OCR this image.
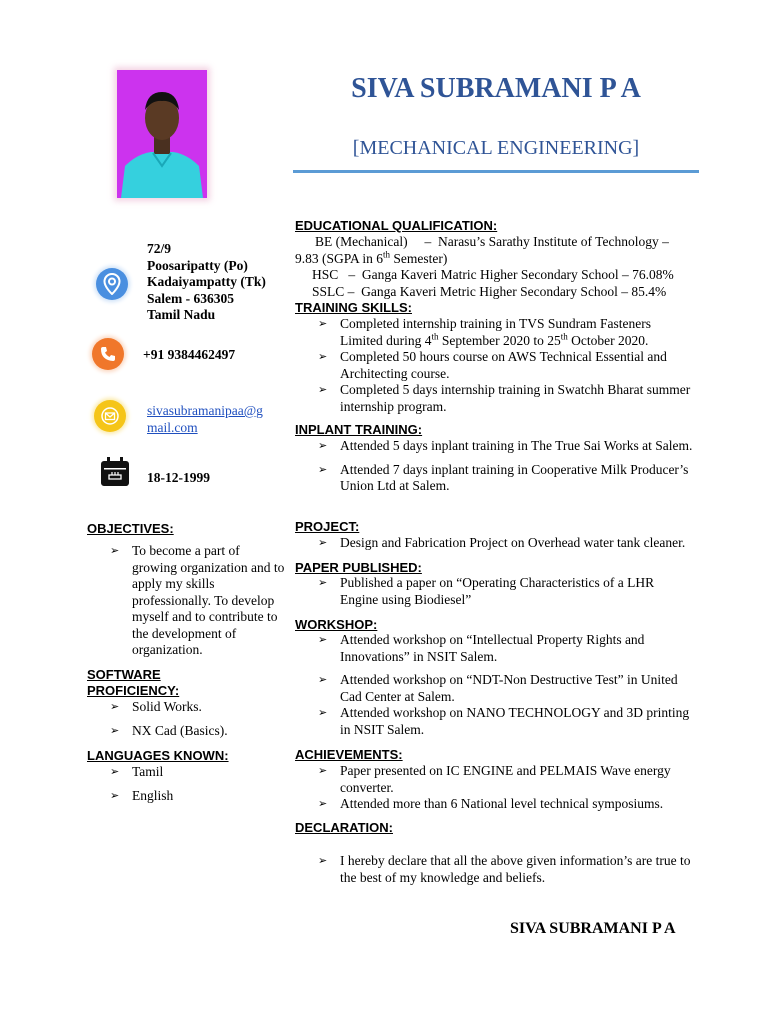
SIVA SUBRAMANI P A
[MECHANICAL ENGINEERING]
72/9
Poosaripatty (Po)
Kadaiyampatty (Tk)
Salem - 636305
Tamil Nadu
+91 9384462497
sivasubramanipaa@g
mail.com
18-12-1999
OBJECTIVES:
➢ To become a part of growing organization and to apply my skills professionally. To develop myself and to contribute to the development of organization.
SOFTWARE
PROFICIENCY:
➢ Solid Works.
➢ NX Cad (Basics).
LANGUAGES KNOWN:
➢ Tamil
➢ English
EDUCATIONAL QUALIFICATION:
BE (Mechanical)     –  Narasu’s Sarathy Institute of Technology –
9.83 (SGPA in 6th Semester)
HSC   –  Ganga Kaveri Matric Higher Secondary School – 76.08%
SSLC –  Ganga Kaveri Metric Higher Secondary School – 85.4%
TRAINING SKILLS:
➢ Completed internship training in TVS Sundram Fasteners Limited during 4th September 2020 to 25th October 2020.
➢ Completed 50 hours course on AWS Technical Essential and Architecting course.
➢ Completed 5 days internship training in Swatchh Bharat summer internship program.
INPLANT TRAINING:
➢ Attended 5 days inplant training in The True Sai Works at Salem.
➢ Attended 7 days inplant training in Cooperative Milk Producer’s Union Ltd at Salem.
PROJECT:
➢ Design and Fabrication Project on Overhead water tank cleaner.
PAPER PUBLISHED:
➢ Published a paper on “Operating Characteristics of a LHR Engine using Biodiesel”
WORKSHOP:
➢ Attended workshop on “Intellectual Property Rights and Innovations” in NSIT Salem.
➢ Attended workshop on “NDT-Non Destructive Test” in United Cad Center at Salem.
➢ Attended workshop on NANO TECHNOLOGY and 3D printing in NSIT Salem.
ACHIEVEMENTS:
➢ Paper presented on IC ENGINE and PELMAIS Wave energy converter.
➢ Attended more than 6 National level technical symposiums.
DECLARATION:
➢ I hereby declare that all the above given information’s are true to the best of my knowledge and beliefs.
SIVA SUBRAMANI P A
